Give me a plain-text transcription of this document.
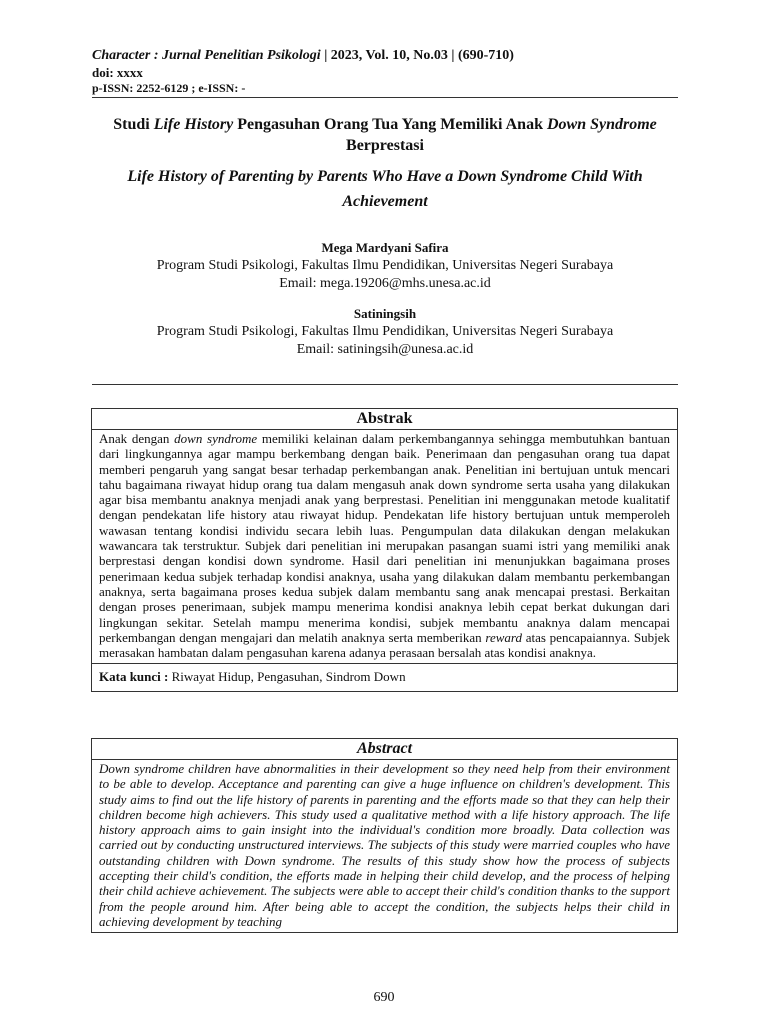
Character : Jurnal Penelitian Psikologi | 2023, Vol. 10, No.03 | (690-710)
doi: xxxx
p-ISSN: 2252-6129 ; e-ISSN: -
Studi Life History Pengasuhan Orang Tua Yang Memiliki Anak Down Syndrome Berprestasi
Life History of Parenting by Parents Who Have a Down Syndrome Child With Achievement
Mega Mardyani Safira
Program Studi Psikologi, Fakultas Ilmu Pendidikan, Universitas Negeri Surabaya
Email: mega.19206@mhs.unesa.ac.id
Satiningsih
Program Studi Psikologi, Fakultas Ilmu Pendidikan, Universitas Negeri Surabaya
Email: satiningsih@unesa.ac.id
Abstrak
Anak dengan down syndrome memiliki kelainan dalam perkembangannya sehingga membutuhkan bantuan dari lingkungannya agar mampu berkembang dengan baik. Penerimaan dan pengasuhan orang tua dapat memberi pengaruh yang sangat besar terhadap perkembangan anak. Penelitian ini bertujuan untuk mencari tahu bagaimana riwayat hidup orang tua dalam mengasuh anak down syndrome serta usaha yang dilakukan agar bisa membantu anaknya menjadi anak yang berprestasi. Penelitian ini menggunakan metode kualitatif dengan pendekatan life history atau riwayat hidup. Pendekatan life history bertujuan untuk memperoleh wawasan tentang kondisi individu secara lebih luas. Pengumpulan data dilakukan dengan melakukan wawancara tak terstruktur. Subjek dari penelitian ini merupakan pasangan suami istri yang memiliki anak berprestasi dengan kondisi down syndrome. Hasil dari penelitian ini menunjukkan bagaimana proses penerimaan kedua subjek terhadap kondisi anaknya, usaha yang dilakukan dalam membantu perkembangan anaknya, serta bagaimana proses kedua subjek dalam membantu sang anak mencapai prestasi. Berkaitan dengan proses penerimaan, subjek mampu menerima kondisi anaknya lebih cepat berkat dukungan dari lingkungan sekitar. Setelah mampu menerima kondisi, subjek membantu anaknya dalam mencapai perkembangan dengan mengajari dan melatih anaknya serta memberikan reward atas pencapaiannya. Subjek merasakan hambatan dalam pengasuhan karena adanya perasaan bersalah atas kondisi anaknya.
Kata kunci : Riwayat Hidup, Pengasuhan, Sindrom Down
Abstract
Down syndrome children have abnormalities in their development so they need help from their environment to be able to develop. Acceptance and parenting can give a huge influence on children's development. This study aims to find out the life history of parents in parenting and the efforts made so that they can help their children become high achievers. This study used a qualitative method with a life history approach. The life history approach aims to gain insight into the individual's condition more broadly. Data collection was carried out by conducting unstructured interviews. The subjects of this study were married couples who have outstanding children with Down syndrome. The results of this study show how the process of subjects accepting their child's condition, the efforts made in helping their child develop, and the process of helping their child achieve achievement. The subjects were able to accept their child's condition thanks to the support from the people around him. After being able to accept the condition, the subjects helps their child in achieving development by teaching
690
